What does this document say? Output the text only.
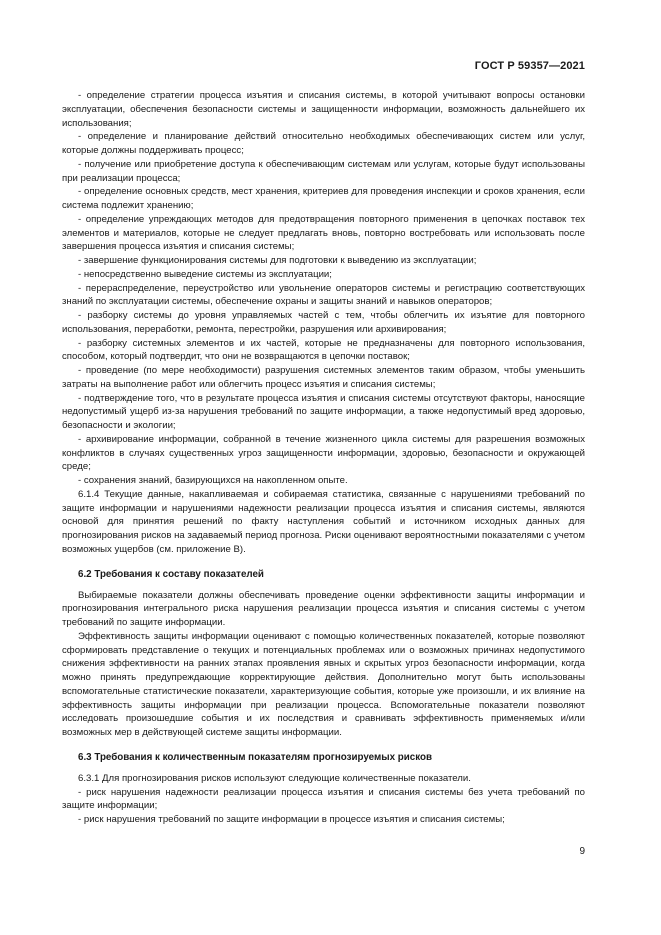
ГОСТ Р 59357—2021

- определение стратегии процесса изъятия и списания системы, в которой учитывают вопросы остановки эксплуатации, обеспечения безопасности системы и защищенности информации, возможность дальнейшего их использования;

- определение и планирование действий относительно необходимых обеспечивающих систем или услуг, которые должны поддерживать процесс;

- получение или приобретение доступа к обеспечивающим системам или услугам, которые будут использованы при реализации процесса;

- определение основных средств, мест хранения, критериев для проведения инспекции и сроков хранения, если система подлежит хранению;

- определение упреждающих методов для предотвращения повторного применения в цепочках поставок тех элементов и материалов, которые не следует предлагать вновь, повторно востребовать или использовать после завершения процесса изъятия и списания системы;

- завершение функционирования системы для подготовки к выведению из эксплуатации;

- непосредственно выведение системы из эксплуатации;

- перераспределение, переустройство или увольнение операторов системы и регистрацию соответствующих знаний по эксплуатации системы, обеспечение охраны и защиты знаний и навыков операторов;

- разборку системы до уровня управляемых частей с тем, чтобы облегчить их изъятие для повторного использования, переработки, ремонта, перестройки, разрушения или архивирования;

- разборку системных элементов и их частей, которые не предназначены для повторного использования, способом, который подтвердит, что они не возвращаются в цепочки поставок;

- проведение (по мере необходимости) разрушения системных элементов таким образом, чтобы уменьшить затраты на выполнение работ или облегчить процесс изъятия и списания системы;

- подтверждение того, что в результате процесса изъятия и списания системы отсутствуют факторы, наносящие недопустимый ущерб из-за нарушения требований по защите информации, а также недопустимый вред здоровью, безопасности и экологии;

- архивирование информации, собранной в течение жизненного цикла системы для разрешения возможных конфликтов в случаях существенных угроз защищенности информации, здоровью, безопасности и окружающей среде;

- сохранения знаний, базирующихся на накопленном опыте.

6.1.4 Текущие данные, накапливаемая и собираемая статистика, связанные с нарушениями требований по защите информации и нарушениями надежности реализации процесса изъятия и списания системы, являются основой для принятия решений по факту наступления событий и источником исходных данных для прогнозирования рисков на задаваемый период прогноза. Риски оценивают вероятностными показателями с учетом возможных ущербов (см. приложение В).

6.2 Требования к составу показателей

Выбираемые показатели должны обеспечивать проведение оценки эффективности защиты информации и прогнозирования интегрального риска нарушения реализации процесса изъятия и списания системы с учетом требований по защите информации.

Эффективность защиты информации оценивают с помощью количественных показателей, которые позволяют сформировать представление о текущих и потенциальных проблемах или о возможных причинах недопустимого снижения эффективности на ранних этапах проявления явных и скрытых угроз безопасности информации, когда можно принять предупреждающие корректирующие действия. Дополнительно могут быть использованы вспомогательные статистические показатели, характеризующие события, которые уже произошли, и их влияние на эффективность защиты информации при реализации процесса. Вспомогательные показатели позволяют исследовать произошедшие события и их последствия и сравнивать эффективность применяемых и/или возможных мер в действующей системе защиты информации.

6.3 Требования к количественным показателям прогнозируемых рисков

6.3.1 Для прогнозирования рисков используют следующие количественные показатели.

- риск нарушения надежности реализации процесса изъятия и списания системы без учета требований по защите информации;

- риск нарушения требований по защите информации в процессе изъятия и списания системы;

9
